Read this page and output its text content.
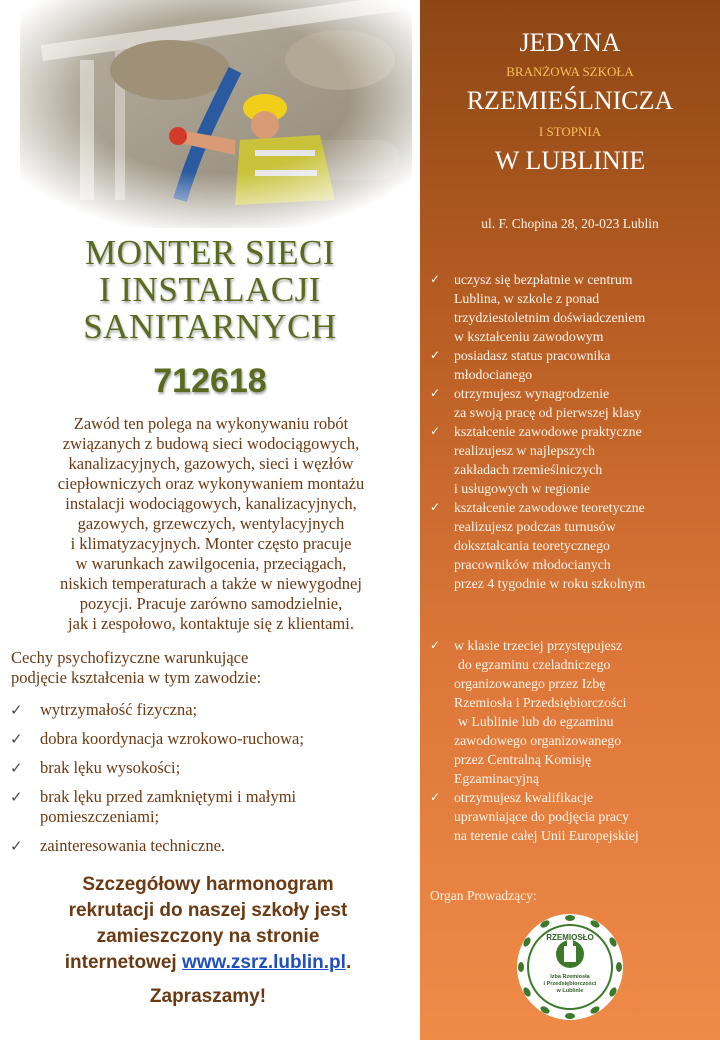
MONTER SIECI
I INSTALACJI
SANITARNYCH
712618
Zawód ten polega na wykonywaniu robót
związanych z budową sieci wodociągowych,
kanalizacyjnych, gazowych, sieci i węzłów
ciepłowniczych oraz wykonywaniem montażu
instalacji wodociągowych, kanalizacyjnych,
gazowych, grzewczych, wentylacyjnych
i klimatyzacyjnych. Monter często pracuje
w warunkach zawilgocenia, przeciągach,
niskich temperaturach a także w niewygodnej
pozycji. Pracuje zarówno samodzielnie,
jak i zespołowo, kontaktuje się z klientami.
Cechy psychofizyczne warunkujące
podjęcie kształcenia w tym zawodzie:
✓ wytrzymałość fizyczna;
✓ dobra koordynacja wzrokowo-ruchowa;
✓ brak lęku wysokości;
✓ brak lęku przed zamkniętymi i małymi
pomieszczeniami;
✓ zainteresowania techniczne.
Szczegółowy harmonogram
rekrutacji do naszej szkoły jest
zamieszczony na stronie
internetowej www.zsrz.lublin.pl.
Zapraszamy!
JEDYNA
BRANŻOWA SZKOŁA
RZEMIEŚLNICZA
I STOPNIA
W LUBLINIE
ul. F. Chopina 28, 20-023 Lublin
✓ uczysz się bezpłatnie w centrum
Lublina, w szkole z ponad
trzydziestoletnim doświadczeniem
w kształceniu zawodowym
✓ posiadasz status pracownika
młodocianego
✓ otrzymujesz wynagrodzenie
za swoją pracę od pierwszej klasy
✓ kształcenie zawodowe praktyczne
realizujesz w najlepszych
zakładach rzemieślniczych
i usługowych w regionie
✓ kształcenie zawodowe teoretyczne
realizujesz podczas turnusów
dokształcania teoretycznego
pracowników młodocianych
przez 4 tygodnie w roku szkolnym
✓ w klasie trzeciej przystępujesz
do egzaminu czeladniczego
organizowanego przez Izbę
Rzemiosła i Przedsiębiorczości
w Lublinie lub do egzaminu
zawodowego organizowanego
przez Centralną Komisję
Egzaminacyjną
✓ otrzymujesz kwalifikacje
uprawniające do podjęcia pracy
na terenie całej Unii Europejskiej
Organ Prowadzący:
RZEMIOSŁO
Izba Rzemiosła
i Przedsiębiorczości
w Lublinie
